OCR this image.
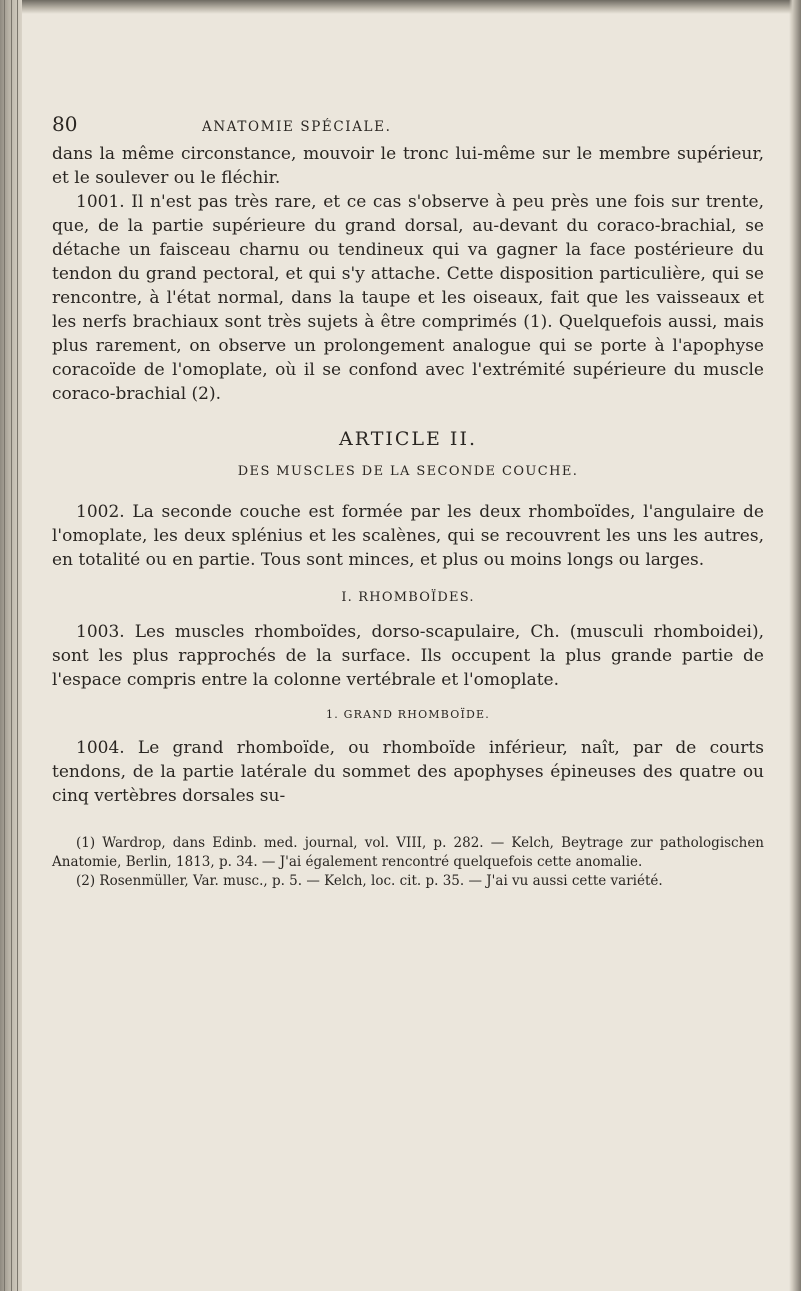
80	ANATOMIE SPÉCIALE.

dans la même circonstance, mouvoir le tronc lui-même sur le membre supérieur, et le soulever ou le fléchir.

1001. Il n'est pas très rare, et ce cas s'observe à peu près une fois sur trente, que, de la partie supérieure du grand dorsal, au-devant du coraco-brachial, se détache un faisceau charnu ou tendineux qui va gagner la face postérieure du tendon du grand pectoral, et qui s'y attache. Cette disposition particulière, qui se rencontre, à l'état normal, dans la taupe et les oiseaux, fait que les vaisseaux et les nerfs brachiaux sont très sujets à être comprimés (1). Quelquefois aussi, mais plus rarement, on observe un prolongement analogue qui se porte à l'apophyse coracoïde de l'omoplate, où il se confond avec l'extrémité supérieure du muscle coraco-brachial (2).

ARTICLE II.
DES MUSCLES DE LA SECONDE COUCHE.

1002. La seconde couche est formée par les deux rhomboïdes, l'angulaire de l'omoplate, les deux splénius et les scalènes, qui se recouvrent les uns les autres, en totalité ou en partie. Tous sont minces, et plus ou moins longs ou larges.

I. RHOMBOÏDES.

1003. Les muscles rhomboïdes, dorso-scapulaire, Ch. (musculi rhomboidei), sont les plus rapprochés de la surface. Ils occupent la plus grande partie de l'espace compris entre la colonne vertébrale et l'omoplate.

1. GRAND RHOMBOÏDE.

1004. Le grand rhomboïde, ou rhomboïde inférieur, naît, par de courts tendons, de la partie latérale du sommet des apophyses épineuses des quatre ou cinq vertèbres dorsales su-

(1) Wardrop, dans Edinb. med. journal, vol. VIII, p. 282. — Kelch, Beytrage zur pathologischen Anatomie, Berlin, 1813, p. 34. — J'ai également rencontré quelquefois cette anomalie.

(2) Rosenmüller, Var. musc., p. 5. — Kelch, loc. cit. p. 35. — J'ai vu aussi cette variété.
